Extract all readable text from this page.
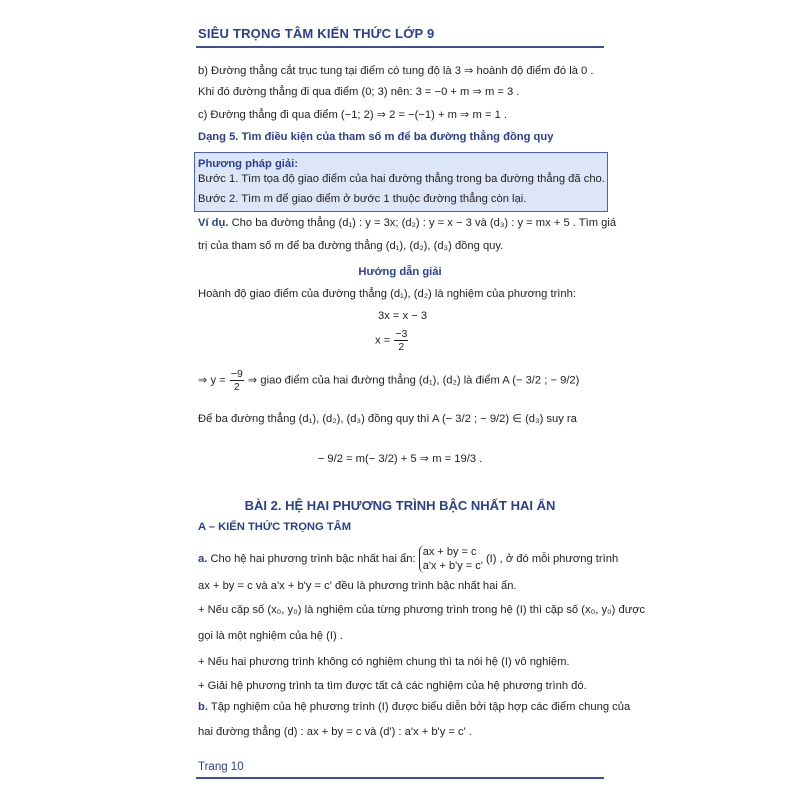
SIÊU TRỌNG TÂM KIẾN THỨC LỚP 9
b) Đường thẳng cắt trục tung tại điểm có tung độ là 3 ⇒ hoành độ điểm đó là 0 .
Khi đó đường thẳng đi qua điểm (0; 3) nên: 3 = −0 + m ⇒ m = 3 .
c) Đường thẳng đi qua điểm (−1; 2) ⇒ 2 = −(−1) + m ⇒ m = 1 .
Dạng 5. Tìm điều kiện của tham số m để ba đường thẳng đồng quy
Phương pháp giải:
Bước 1. Tìm tọa độ giao điểm của hai đường thẳng trong ba đường thẳng đã cho.
Bước 2. Tìm m để giao điểm ở bước 1 thuộc đường thẳng còn lại.
Ví dụ. Cho ba đường thẳng (d₁) : y = 3x; (d₂) : y = x − 3 và (d₃) : y = mx + 5 . Tìm giá
trị của tham số m để ba đường thẳng (d₁), (d₂), (d₃) đồng quy.
Hướng dẫn giải
Hoành độ giao điểm của đường thẳng (d₁), (d₂) là nghiệm của phương trình:
3x = x − 3
$x = \frac{-3}{2}$
⇒ $y = \frac{-9}{2}$ ⇒ giao điểm của hai đường thẳng (d₁), (d₂) là điểm A (− 3/2 ; − 9/2)
Để ba đường thẳng (d₁), (d₂), (d₃) đồng quy thì A (− 3/2 ; − 9/2) ∈ (d₃) suy ra
− 9/2 = m(− 3/2) + 5 ⇒ m = 19/3 .
BÀI 2. HỆ HAI PHƯƠNG TRÌNH BẬC NHẤT HAI ẨN
A – KIẾN THỨC TRỌNG TÂM
a. Cho hệ hai phương trình bậc nhất hai ẩn:
ax + by = c
a'x + b'y = c'
(I) , ở đó mỗi phương trình
ax + by = c và a'x + b'y = c' đều là phương trình bậc nhất hai ẩn.
+ Nếu cặp số (x₀, y₀) là nghiệm của từng phương trình trong hệ (I) thì cặp số (x₀, y₀) được
gọi là một nghiệm của hệ (I) .
+ Nếu hai phương trình không có nghiệm chung thì ta nói hệ (I) vô nghiệm.
+ Giải hệ phương trình ta tìm được tất cả các nghiệm của hệ phương trình đó.
b. Tập nghiệm của hệ phương trình (I) được biểu diễn bởi tập hợp các điểm chung của
hai đường thẳng (d) : ax + by = c và (d') : a'x + b'y = c' .
Trang 10
